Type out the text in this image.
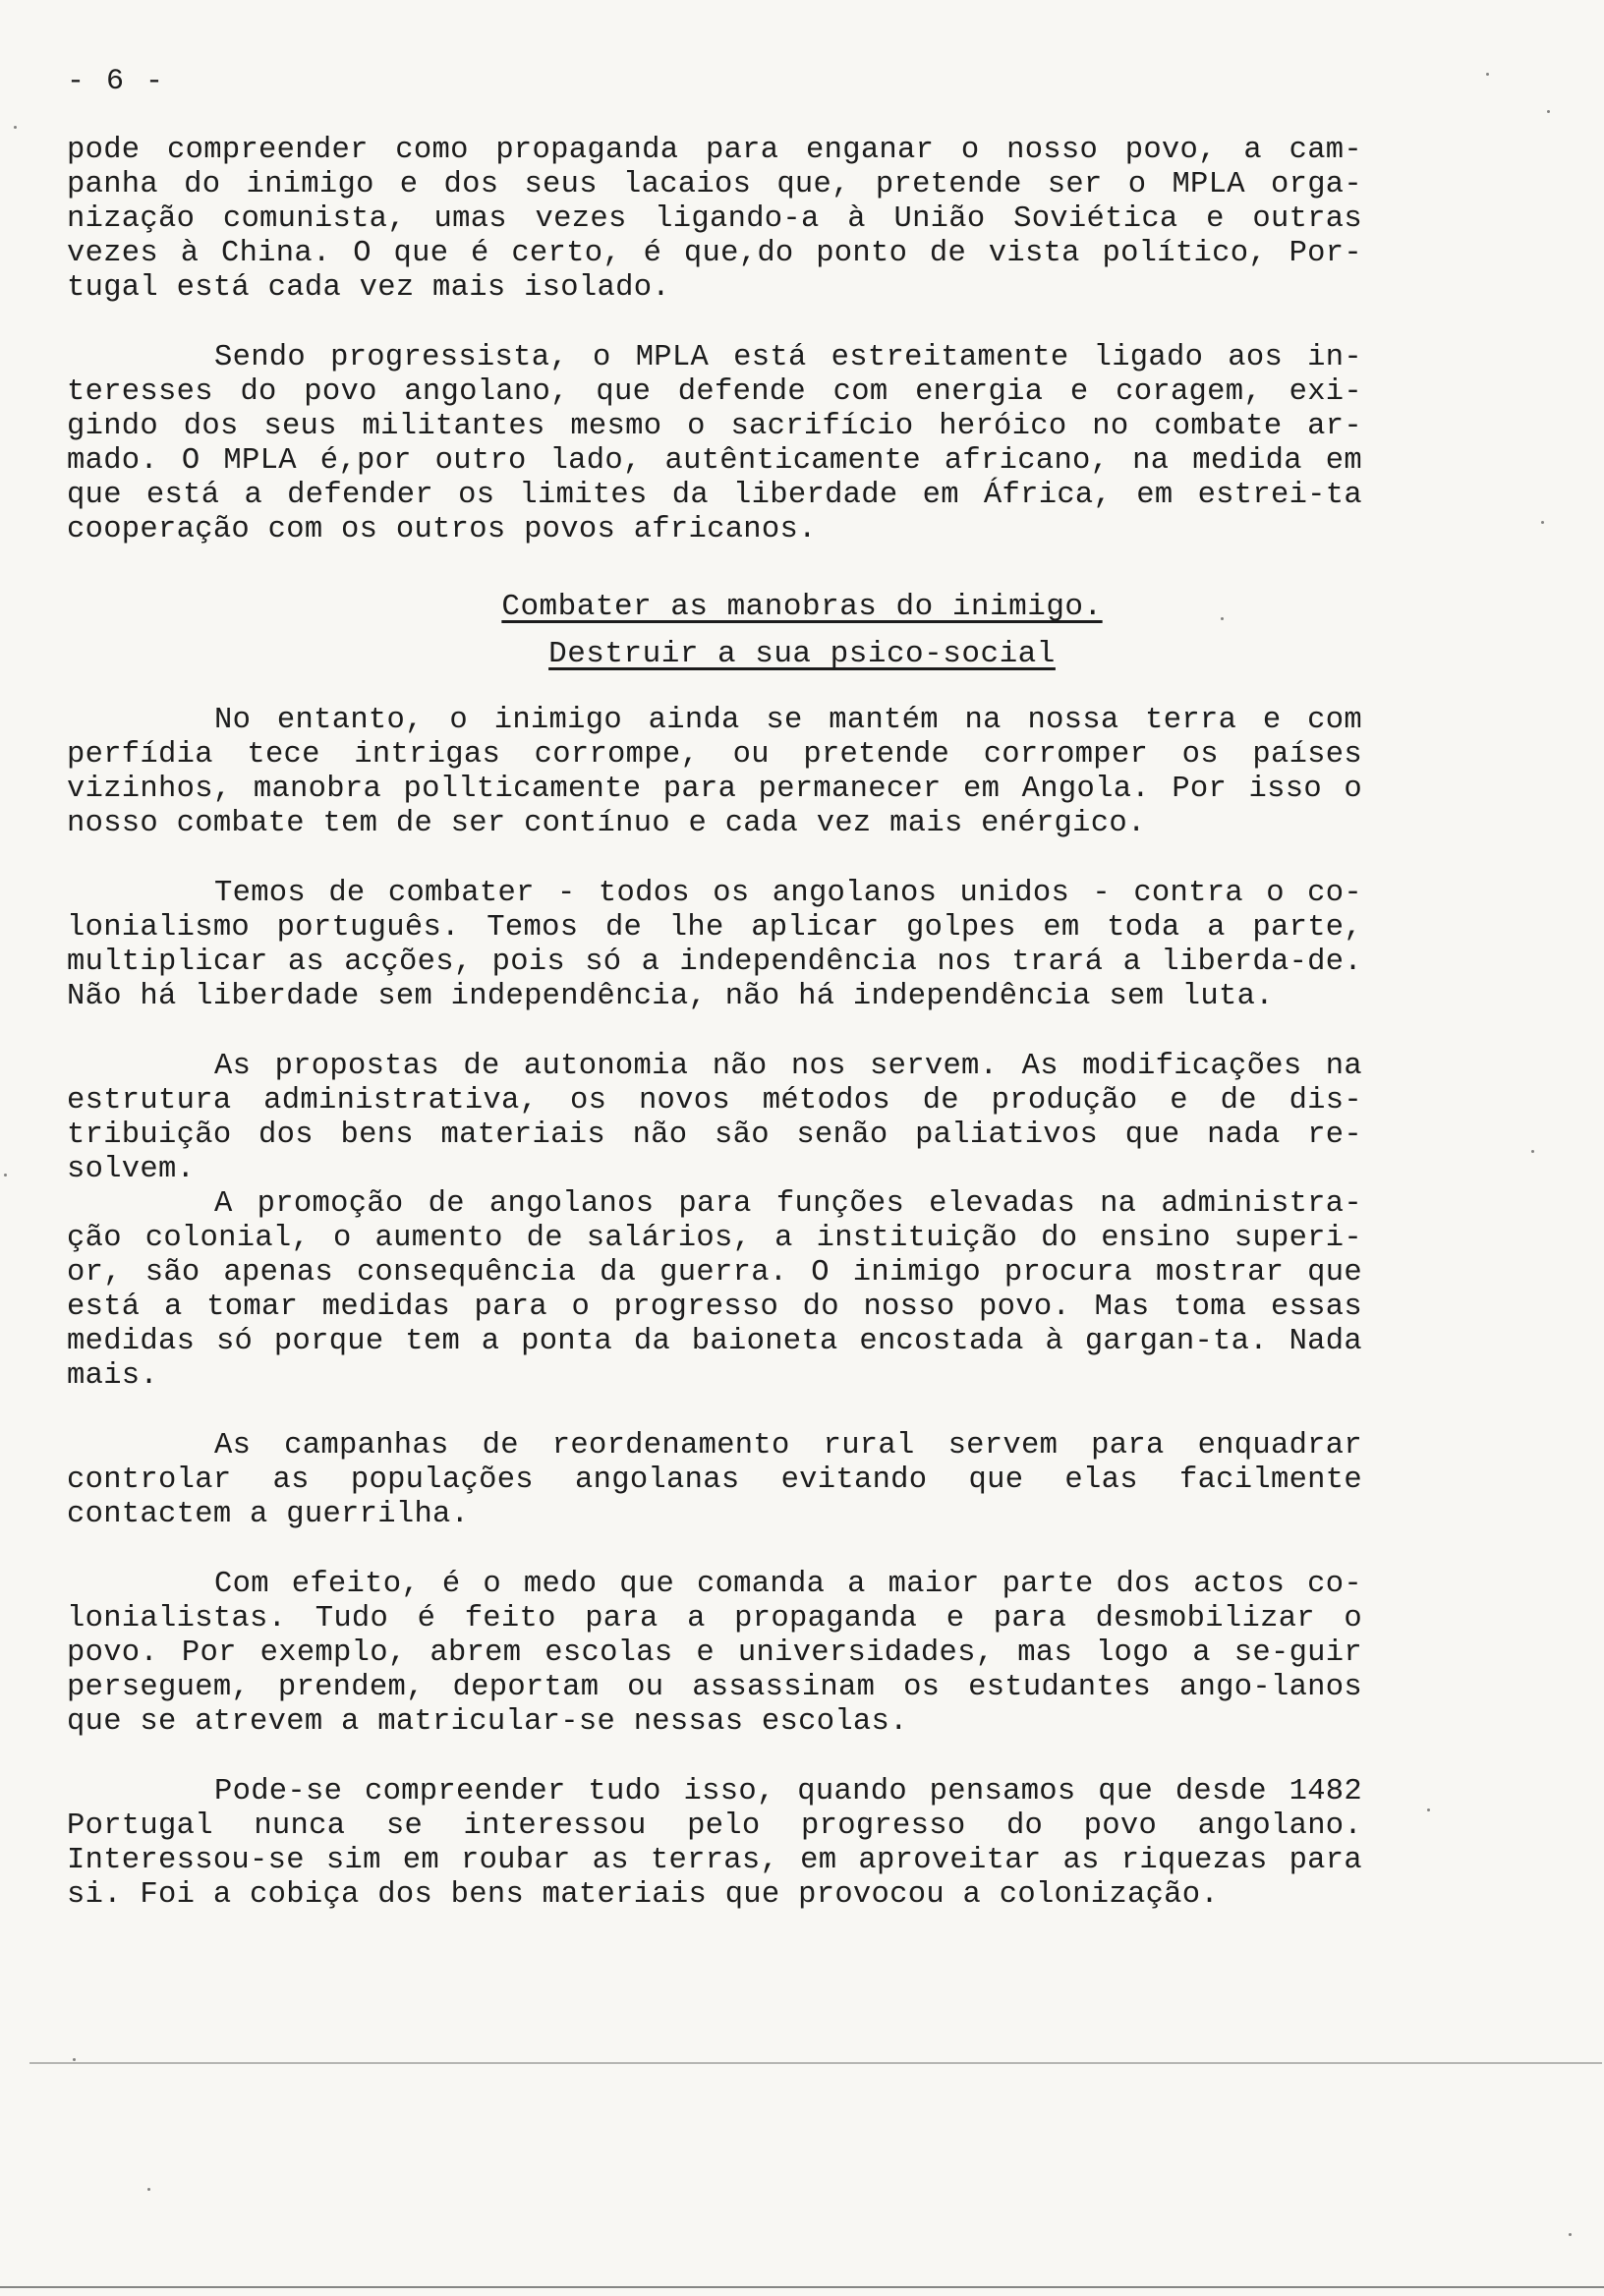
- 6 -

pode compreender como propaganda para enganar o nosso povo, a cam-panha do inimigo e dos seus lacaios que, pretende ser o MPLA orga-nização comunista, umas vezes ligando-a à União Soviética e outras vezes à China. O que é certo, é que,do ponto de vista político, Por-tugal está cada vez mais isolado.

Sendo progressista, o MPLA está estreitamente ligado aos in-teresses do povo angolano, que defende com energia e coragem, exi-gindo dos seus militantes mesmo o sacrifício heróico no combate ar-mado. O MPLA é,por outro lado, autênticamente africano, na medida em que está a defender os limites da liberdade em África, em estrei-ta cooperação com os outros povos africanos.

Combater as manobras do inimigo.
Destruir a sua psico-social

No entanto, o inimigo ainda se mantém na nossa terra e com perfídia tece intrigas corrompe, ou pretende corromper os países vizinhos, manobra pollticamente para permanecer em Angola. Por isso o nosso combate tem de ser contínuo e cada vez mais enérgico.

Temos de combater - todos os angolanos unidos - contra o co-lonialismo português. Temos de lhe aplicar golpes em toda a parte, multiplicar as acções, pois só a independência nos trará a liberda-de. Não há liberdade sem independência, não há independência sem luta.

As propostas de autonomia não nos servem. As modificações na estrutura administrativa, os novos métodos de produção e de dis-tribuição dos bens materiais não são senão paliativos que nada re-solvem.

A promoção de angolanos para funções elevadas na administra-ção colonial, o aumento de salários, a instituição do ensino superi-or, são apenas consequência da guerra. O inimigo procura mostrar que está a tomar medidas para o progresso do nosso povo. Mas toma essas medidas só porque tem a ponta da baioneta encostada à gargan-ta. Nada mais.

As campanhas de reordenamento rural servem para enquadrar controlar as populações angolanas evitando que elas facilmente contactem a guerrilha.

Com efeito, é o medo que comanda a maior parte dos actos co-lonialistas. Tudo é feito para a propaganda e para desmobilizar o povo. Por exemplo, abrem escolas e universidades, mas logo a se-guir perseguem, prendem, deportam ou assassinam os estudantes ango-lanos que se atrevem a matricular-se nessas escolas.

Pode-se compreender tudo isso, quando pensamos que desde 1482 Portugal nunca se interessou pelo progresso do povo angolano. Interessou-se sim em roubar as terras, em aproveitar as riquezas para si. Foi a cobiça dos bens materiais que provocou a colonização.
